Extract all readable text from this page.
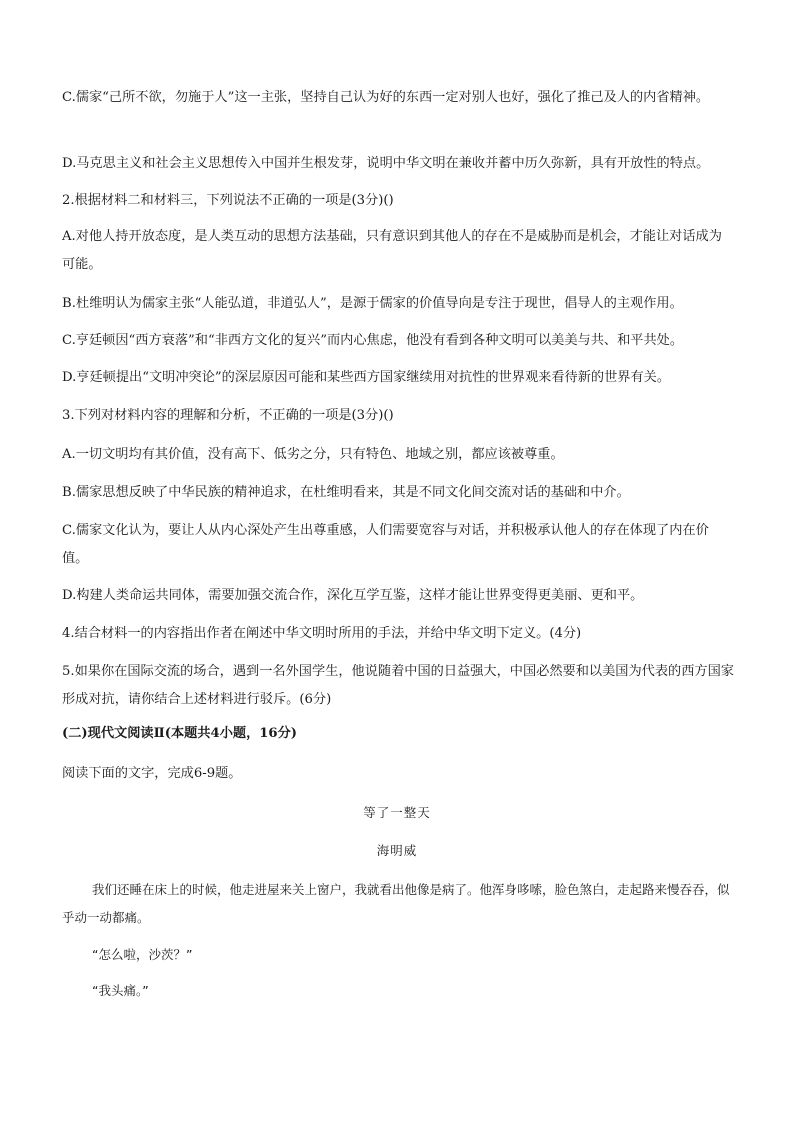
C.儒家“己所不欲，勿施于人”这一主张，坚持自己认为好的东西一定对别人也好，强化了推己及人的内省精神。
D.马克思主义和社会主义思想传入中国并生根发芽，说明中华文明在兼收并蓄中历久弥新，具有开放性的特点。
2.根据材料二和材料三，下列说法不正确的一项是(3分)()
A.对他人持开放态度，是人类互动的思想方法基础，只有意识到其他人的存在不是威胁而是机会，才能让对话成为可能。
B.杜维明认为儒家主张“人能弘道，非道弘人”，是源于儒家的价值导向是专注于现世，倡导人的主观作用。
C.亨廷顿因“西方衰落”和“非西方文化的复兴”而内心焦虑，他没有看到各种文明可以美美与共、和平共处。
D.亨廷顿提出“文明冲突论”的深层原因可能和某些西方国家继续用对抗性的世界观来看待新的世界有关。
3.下列对材料内容的理解和分析，不正确的一项是(3分)()
A.一切文明均有其价值，没有高下、低劣之分，只有特色、地域之别，都应该被尊重。
B.儒家思想反映了中华民族的精神追求，在杜维明看来，其是不同文化间交流对话的基础和中介。
C.儒家文化认为，要让人从内心深处产生出尊重感，人们需要宽容与对话，并积极承认他人的存在体现了内在价值。
D.构建人类命运共同体，需要加强交流合作，深化互学互鉴，这样才能让世界变得更美丽、更和平。
4.结合材料一的内容指出作者在阐述中华文明时所用的手法，并给中华文明下定义。(4分)
5.如果你在国际交流的场合，遇到一名外国学生，他说随着中国的日益强大，中国必然要和以美国为代表的西方国家形成对抗，请你结合上述材料进行驳斥。(6分)
(二)现代文阅读Ⅱ(本题共4小题，16分)
阅读下面的文字，完成6-9题。
等了一整天
海明威
我们还睡在床上的时候，他走进屋来关上窗户，我就看出他像是病了。他浑身哆嗦，脸色煞白，走起路来慢吞吞，似乎动一动都痛。
“怎么啦，沙茨？”
“我头痛。”
